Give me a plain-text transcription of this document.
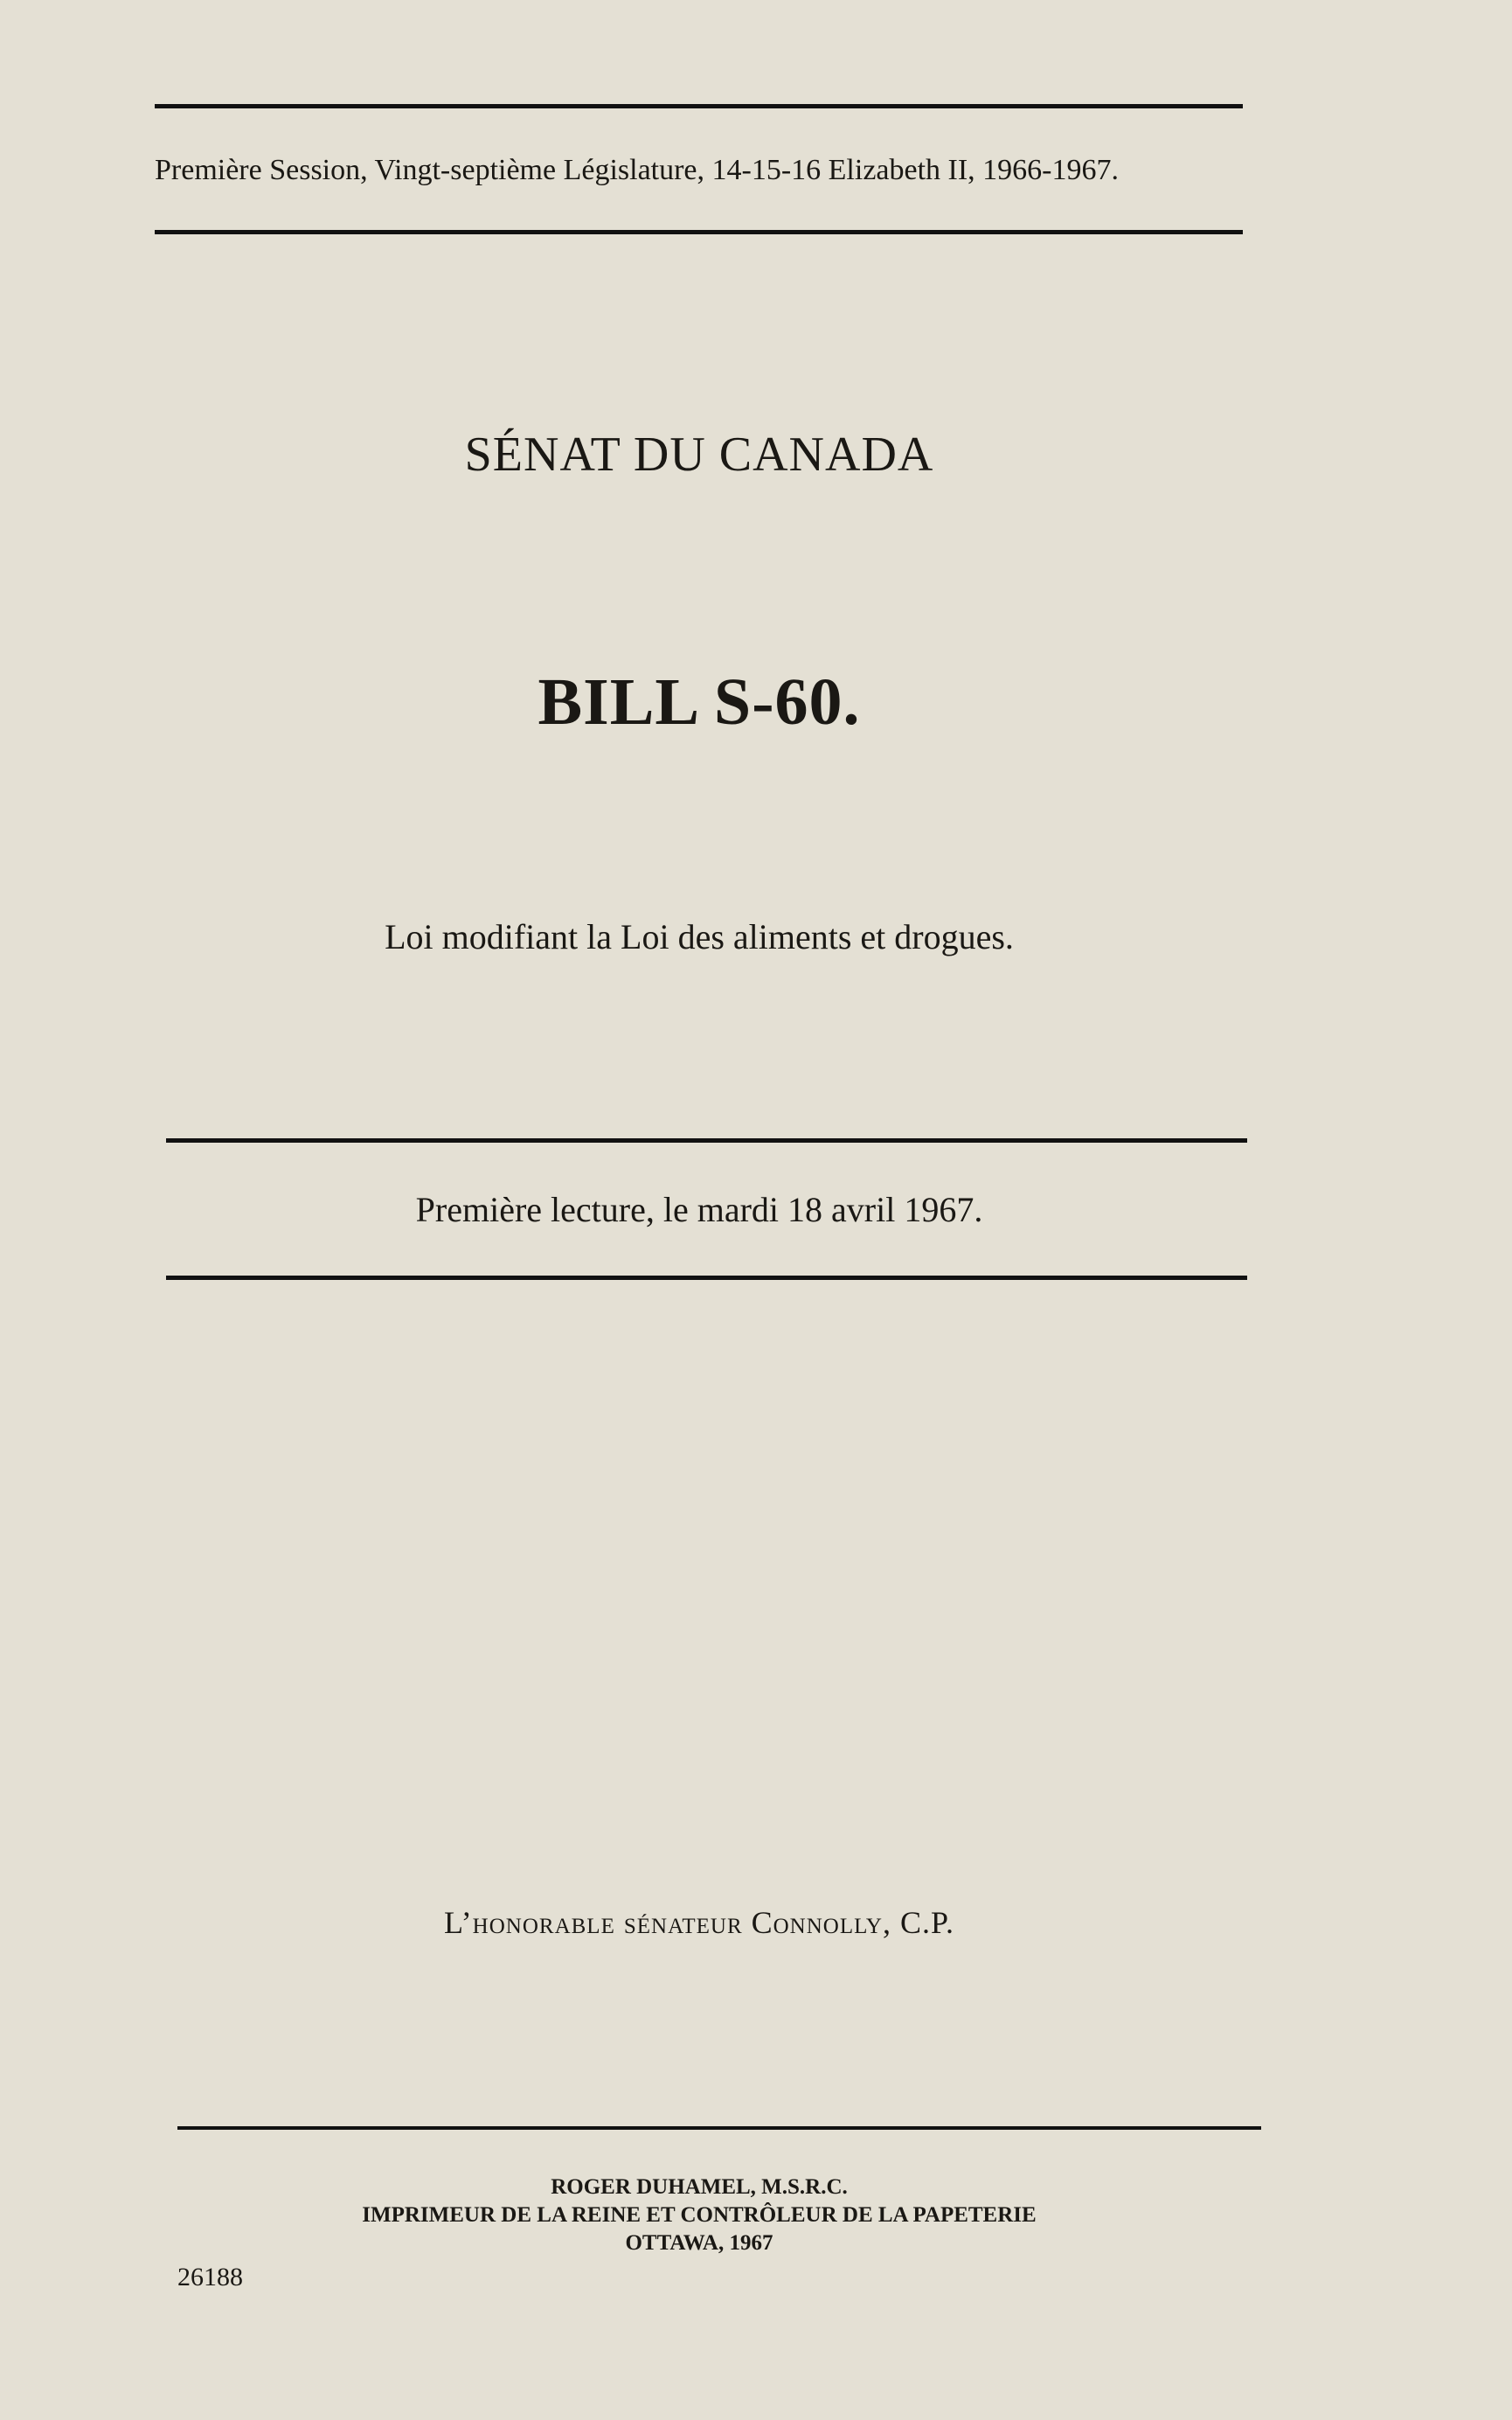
Première Session, Vingt-septième Législature, 14-15-16 Elizabeth II, 1966-1967.
SÉNAT DU CANADA
BILL S-60.
Loi modifiant la Loi des aliments et drogues.
Première lecture, le mardi 18 avril 1967.
L’honorable sénateur Connolly, C.P.
ROGER DUHAMEL, M.S.R.C.
IMPRIMEUR DE LA REINE ET CONTRÔLEUR DE LA PAPETERIE
OTTAWA, 1967
26188
